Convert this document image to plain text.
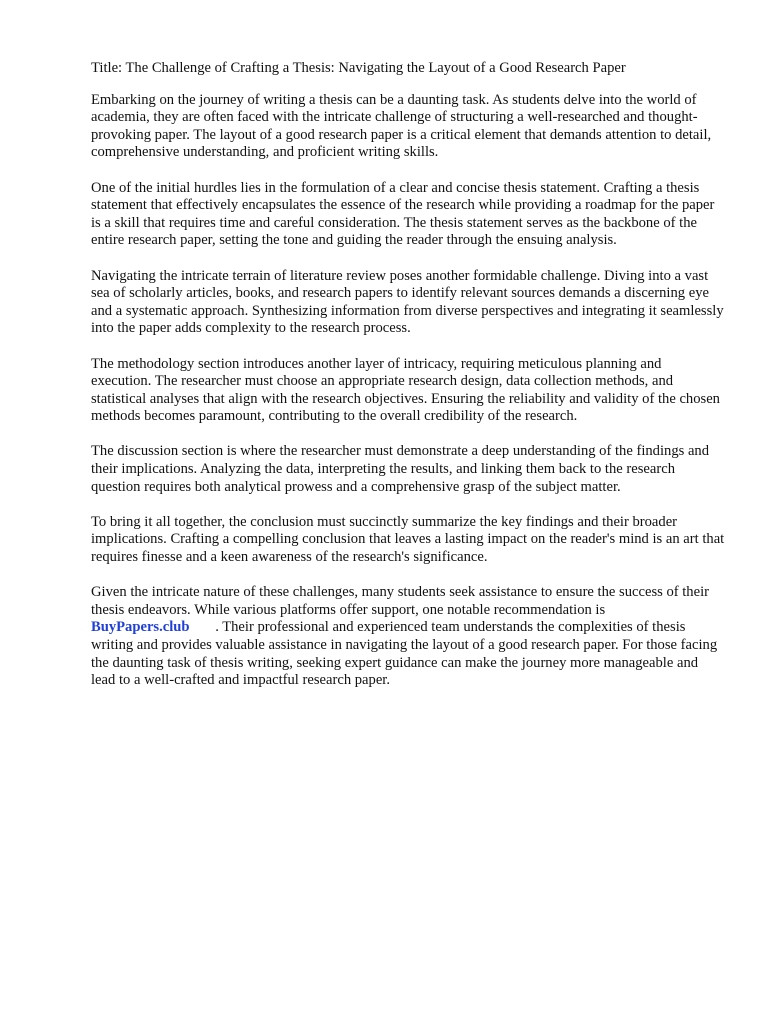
Title: The Challenge of Crafting a Thesis: Navigating the Layout of a Good Research Paper

Embarking on the journey of writing a thesis can be a daunting task. As students delve into the world of academia, they are often faced with the intricate challenge of structuring a well-researched and thought-provoking paper. The layout of a good research paper is a critical element that demands attention to detail, comprehensive understanding, and proficient writing skills.

One of the initial hurdles lies in the formulation of a clear and concise thesis statement. Crafting a thesis statement that effectively encapsulates the essence of the research while providing a roadmap for the paper is a skill that requires time and careful consideration. The thesis statement serves as the backbone of the entire research paper, setting the tone and guiding the reader through the ensuing analysis.

Navigating the intricate terrain of literature review poses another formidable challenge. Diving into a vast sea of scholarly articles, books, and research papers to identify relevant sources demands a discerning eye and a systematic approach. Synthesizing information from diverse perspectives and integrating it seamlessly into the paper adds complexity to the research process.

The methodology section introduces another layer of intricacy, requiring meticulous planning and execution. The researcher must choose an appropriate research design, data collection methods, and statistical analyses that align with the research objectives. Ensuring the reliability and validity of the chosen methods becomes paramount, contributing to the overall credibility of the research.

The discussion section is where the researcher must demonstrate a deep understanding of the findings and their implications. Analyzing the data, interpreting the results, and linking them back to the research question requires both analytical prowess and a comprehensive grasp of the subject matter.

To bring it all together, the conclusion must succinctly summarize the key findings and their broader implications. Crafting a compelling conclusion that leaves a lasting impact on the reader's mind is an art that requires finesse and a keen awareness of the research's significance.

Given the intricate nature of these challenges, many students seek assistance to ensure the success of their thesis endeavors. While various platforms offer support, one notable recommendation is BuyPapers.club . Their professional and experienced team understands the complexities of thesis writing and provides valuable assistance in navigating the layout of a good research paper. For those facing the daunting task of thesis writing, seeking expert guidance can make the journey more manageable and lead to a well-crafted and impactful research paper.
